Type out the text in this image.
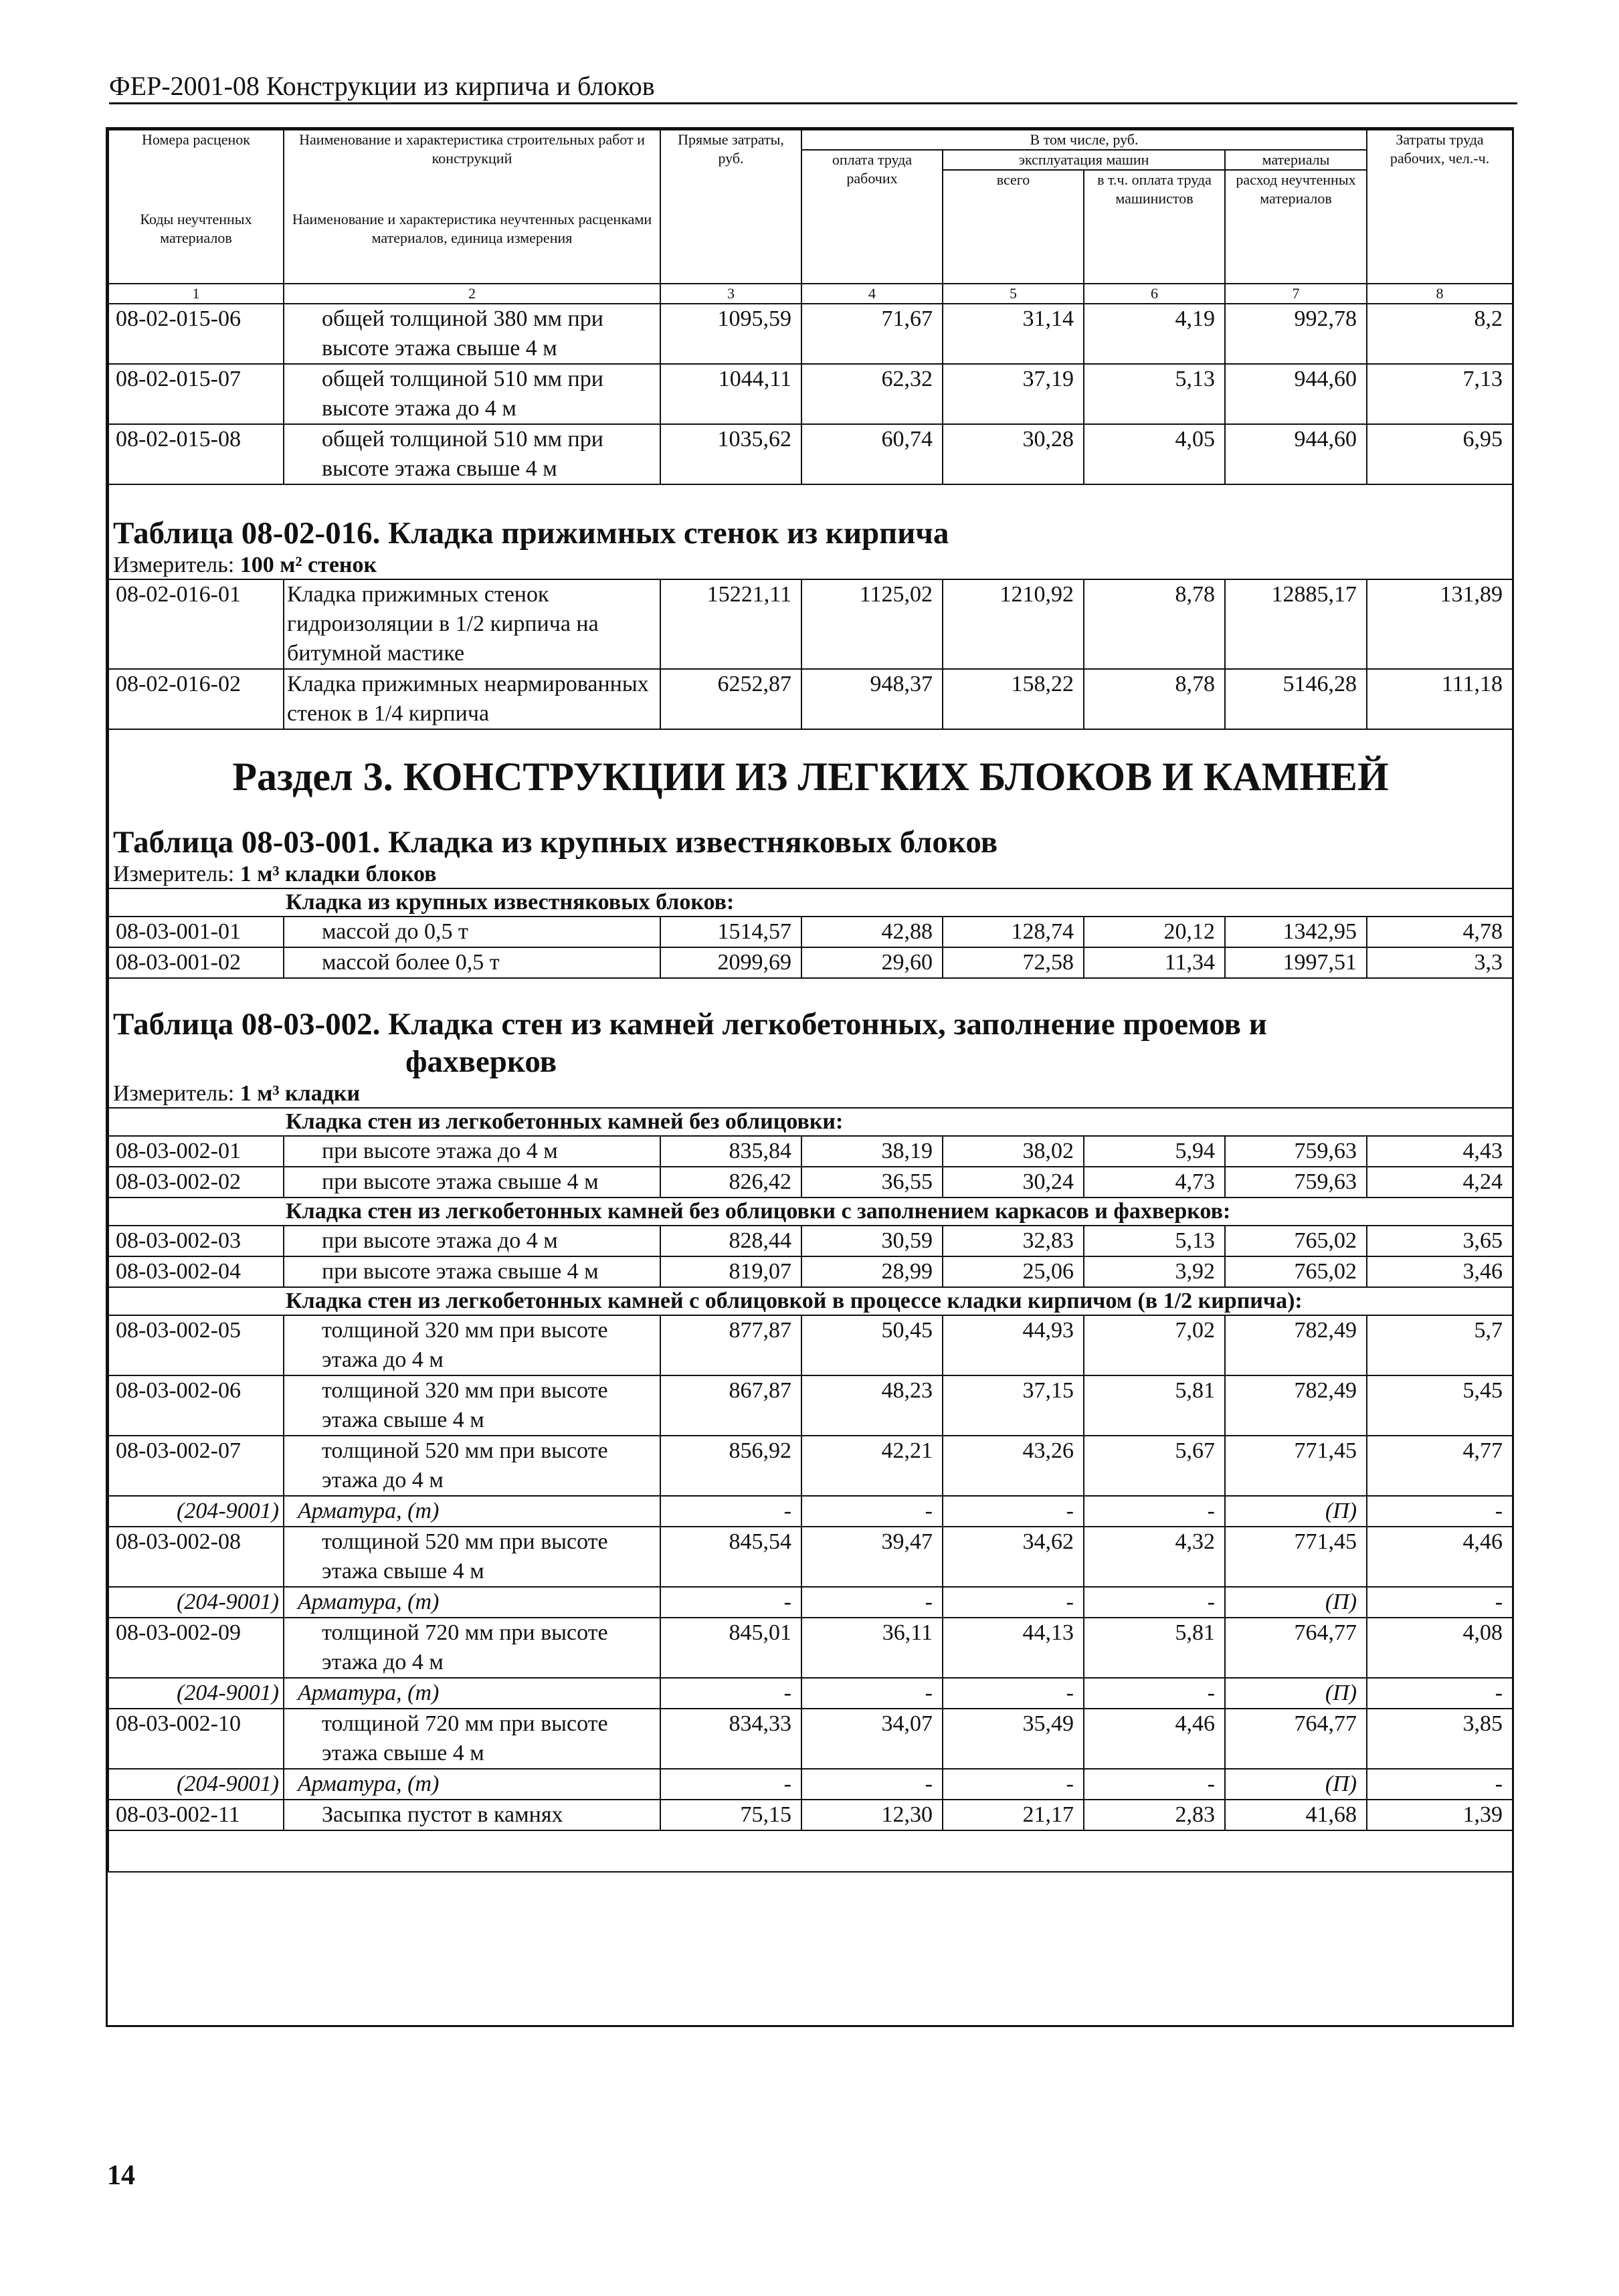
ФЕР-2001-08 Конструкции из кирпича и блоков
Номера расценок	Наименование и характеристика строительных работ и конструкций	Прямые затраты, руб.	В том числе, руб.				Затраты труда рабочих, чел.-ч.
			оплата труда рабочих	эксплуатация машин		материалы	
				всего	в т.ч. оплата труда машинистов	расход неучтенных материалов	

Коды неучтенных материалов	Наименование и характеристика неучтенных расценками материалов, единица измерения						

1	2	3	4	5	6	7	8
08-02-015-06	общей толщиной 380 мм при высоте этажа свыше 4 м	1095,59	71,67	31,14	4,19	992,78	8,2
08-02-015-07	общей толщиной 510 мм при высоте этажа до 4 м	1044,11	62,32	37,19	5,13	944,60	7,13
08-02-015-08	общей толщиной 510 мм при высоте этажа свыше 4 м	1035,62	60,74	30,28	4,05	944,60	6,95

Таблица 08-02-016. Кладка прижимных стенок из кирпича							
Измеритель: 100 м² стенок							
08-02-016-01	Кладка прижимных стенок гидроизоляции в 1/2 кирпича на битумной мастике	15221,11	1125,02	1210,92	8,78	12885,17	131,89
08-02-016-02	Кладка прижимных неармированных стенок в 1/4 кирпича	6252,87	948,37	158,22	8,78	5146,28	111,18

Раздел 3. КОНСТРУКЦИИ ИЗ ЛЕГКИХ БЛОКОВ И КАМНЕЙ							

Таблица 08-03-001. Кладка из крупных известняковых блоков							
Измеритель: 1 м³ кладки блоков							
Кладка из крупных известняковых блоков:							
08-03-001-01	массой до 0,5 т	1514,57	42,88	128,74	20,12	1342,95	4,78
08-03-001-02	массой более 0,5 т	2099,69	29,60	72,58	11,34	1997,51	3,3

Таблица 08-03-002. Кладка стен из камней легкобетонных, заполнение проемов и
фахверков							

Измеритель: 1 м³ кладки							
Кладка стен из легкобетонных камней без облицовки:							
08-03-002-01	при высоте этажа до 4 м	835,84	38,19	38,02	5,94	759,63	4,43
08-03-002-02	при высоте этажа свыше 4 м	826,42	36,55	30,24	4,73	759,63	4,24
Кладка стен из легкобетонных камней без облицовки с заполнением каркасов и фахверков:							
08-03-002-03	при высоте этажа до 4 м	828,44	30,59	32,83	5,13	765,02	3,65
08-03-002-04	при высоте этажа свыше 4 м	819,07	28,99	25,06	3,92	765,02	3,46
Кладка стен из легкобетонных камней с облицовкой в процессе кладки кирпичом (в 1/2 кирпича):							
08-03-002-05	толщиной 320 мм при высоте этажа до 4 м	877,87	50,45	44,93	7,02	782,49	5,7
08-03-002-06	толщиной 320 мм при высоте этажа свыше 4 м	867,87	48,23	37,15	5,81	782,49	5,45
08-03-002-07	толщиной 520 мм при высоте этажа до 4 м	856,92	42,21	43,26	5,67	771,45	4,77
(204-9001)	Арматура, (т)	-	-	-	-	(П)	-
08-03-002-08	толщиной 520 мм при высоте этажа свыше 4 м	845,54	39,47	34,62	4,32	771,45	4,46
(204-9001)	Арматура, (т)	-	-	-	-	(П)	-
08-03-002-09	толщиной 720 мм при высоте этажа до 4 м	845,01	36,11	44,13	5,81	764,77	4,08
(204-9001)	Арматура, (т)	-	-	-	-	(П)	-
08-03-002-10	толщиной 720 мм при высоте этажа свыше 4 м	834,33	34,07	35,49	4,46	764,77	3,85
(204-9001)	Арматура, (т)	-	-	-	-	(П)	-
08-03-002-11	Засыпка пустот в камнях	75,15	12,30	21,17	2,83	41,68	1,39

14
